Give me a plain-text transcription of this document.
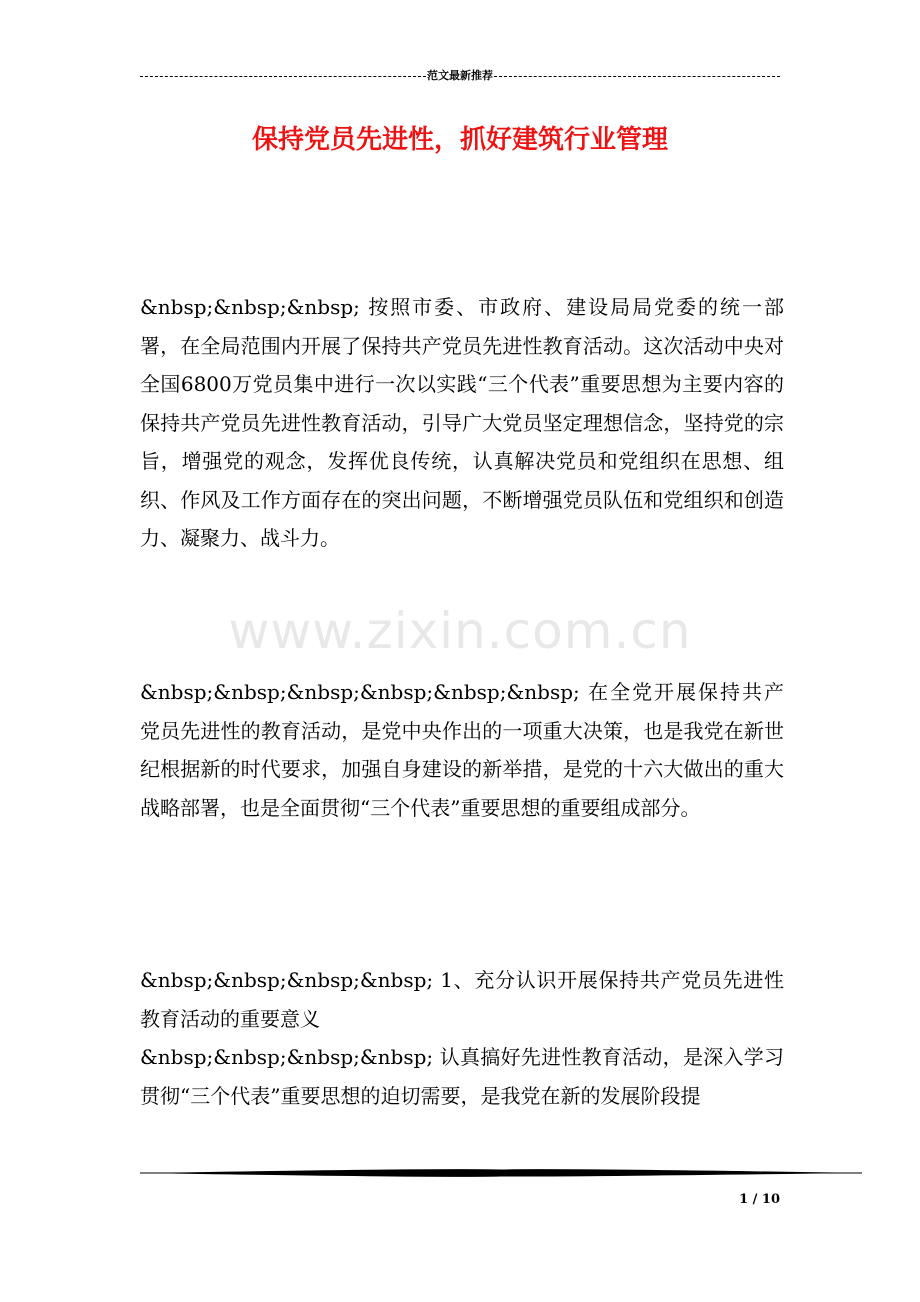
范文最新推荐
保持党员先进性，抓好建筑行业管理

&nbsp;&nbsp;&nbsp; 按照市委、市政府、建设局局党委的统一部署，在全局范围内开展了保持共产党员先进性教育活动。这次活动中央对全国6800万党员集中进行一次以实践“三个代表”重要思想为主要内容的保持共产党员先进性教育活动，引导广大党员坚定理想信念，坚持党的宗旨，增强党的观念，发挥优良传统，认真解决党员和党组织在思想、组织、作风及工作方面存在的突出问题，不断增强党员队伍和党组织和创造力、凝聚力、战斗力。

www.zixin.com.cn

&nbsp;&nbsp;&nbsp;&nbsp;&nbsp;&nbsp; 在全党开展保持共产党员先进性的教育活动，是党中央作出的一项重大决策，也是我党在新世纪根据新的时代要求，加强自身建设的新举措，是党的十六大做出的重大战略部署，也是全面贯彻“三个代表”重要思想的重要组成部分。

&nbsp;&nbsp;&nbsp;&nbsp; 1、充分认识开展保持共产党员先进性教育活动的重要意义

&nbsp;&nbsp;&nbsp;&nbsp; 认真搞好先进性教育活动，是深入学习贯彻“三个代表”重要思想的迫切需要，是我党在新的发展阶段提

1 / 10
